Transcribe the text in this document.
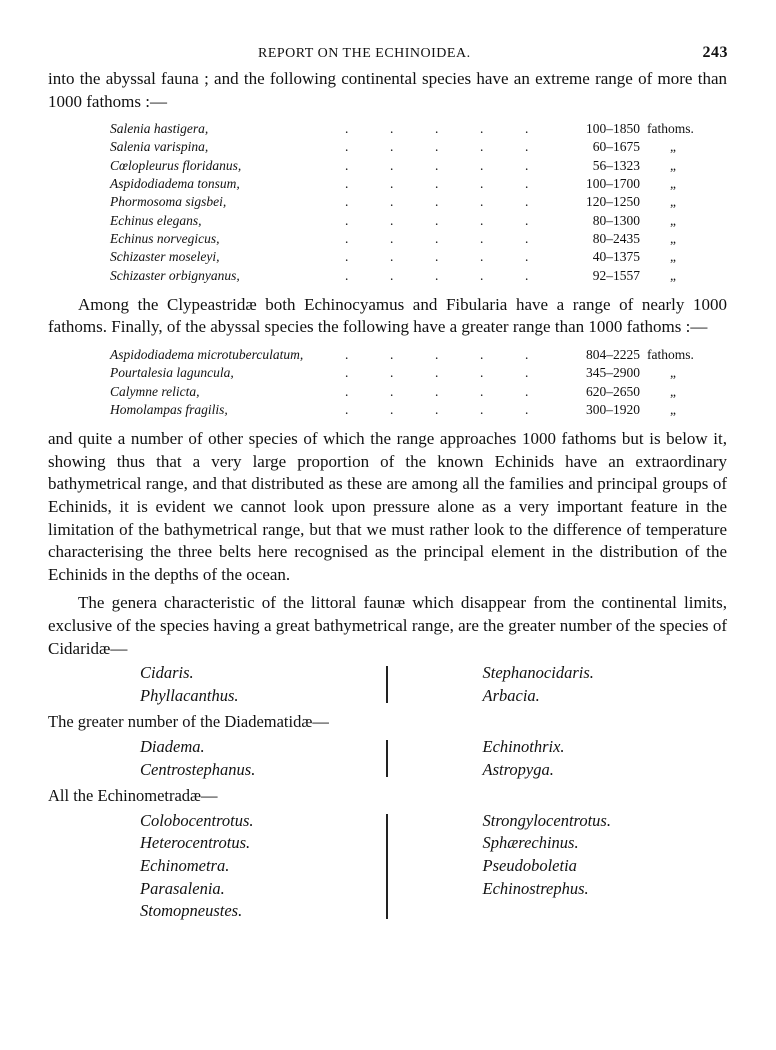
REPORT ON THE ECHINOIDEA.	243

into the abyssal fauna ; and the following continental species have an extreme range of more than 1000 fathoms :—

Salenia hastigera,	.	.	.	.	.	100–1850 fathoms.
Salenia varispina,	.	.	.	.	.	60–1675 „
Cœlopleurus floridanus,	.	.	.	.	.	56–1323 „
Aspidodiadema tonsum,	.	.	.	.	.	100–1700 „
Phormosoma sigsbei,	.	.	.	.	.	120–1250 „
Echinus elegans,	.	.	.	.	.	80–1300 „
Echinus norvegicus,	.	.	.	.	.	80–2435 „
Schizaster moseleyi,	.	.	.	.	.	40–1375 „
Schizaster orbignyanus,	.	.	.	.	.	92–1557 „

Among the Clypeastridæ both Echinocyamus and Fibularia have a range of nearly 1000 fathoms. Finally, of the abyssal species the following have a greater range than 1000 fathoms :—

Aspidodiadema microtuberculatum,	.	.	.	.	.	804–2225 fathoms.
Pourtalesia laguncula,	.	.	.	.	.	345–2900 „
Calymne relicta,	.	.	.	.	.	620–2650 „
Homolampas fragilis,	.	.	.	.	.	300–1920 „

and quite a number of other species of which the range approaches 1000 fathoms but is below it, showing thus that a very large proportion of the known Echinids have an extraordinary bathymetrical range, and that distributed as these are among all the families and principal groups of Echinids, it is evident we cannot look upon pressure alone as a very important feature in the limitation of the bathymetrical range, but that we must rather look to the difference of temperature characterising the three belts here recognised as the principal element in the distribution of the Echinids in the depths of the ocean.

The genera characteristic of the littoral faunæ which disappear from the continental limits, exclusive of the species having a great bathymetrical range, are the greater number of the species of Cidaridæ—

Cidaris.
Phyllacanthus.
Stephanocidaris.
Arbacia.
The greater number of the Diadematidæ—
Diadema.
Centrostephanus.
Echinothrix.
Astropyga.
All the Echinometradæ—
Colobocentrotus.
Heterocentrotus.
Echinometra.
Parasalenia.
Stomopneustes.
Strongylocentrotus.
Sphærechinus.
Pseudoboletia
Echinostrephus.
